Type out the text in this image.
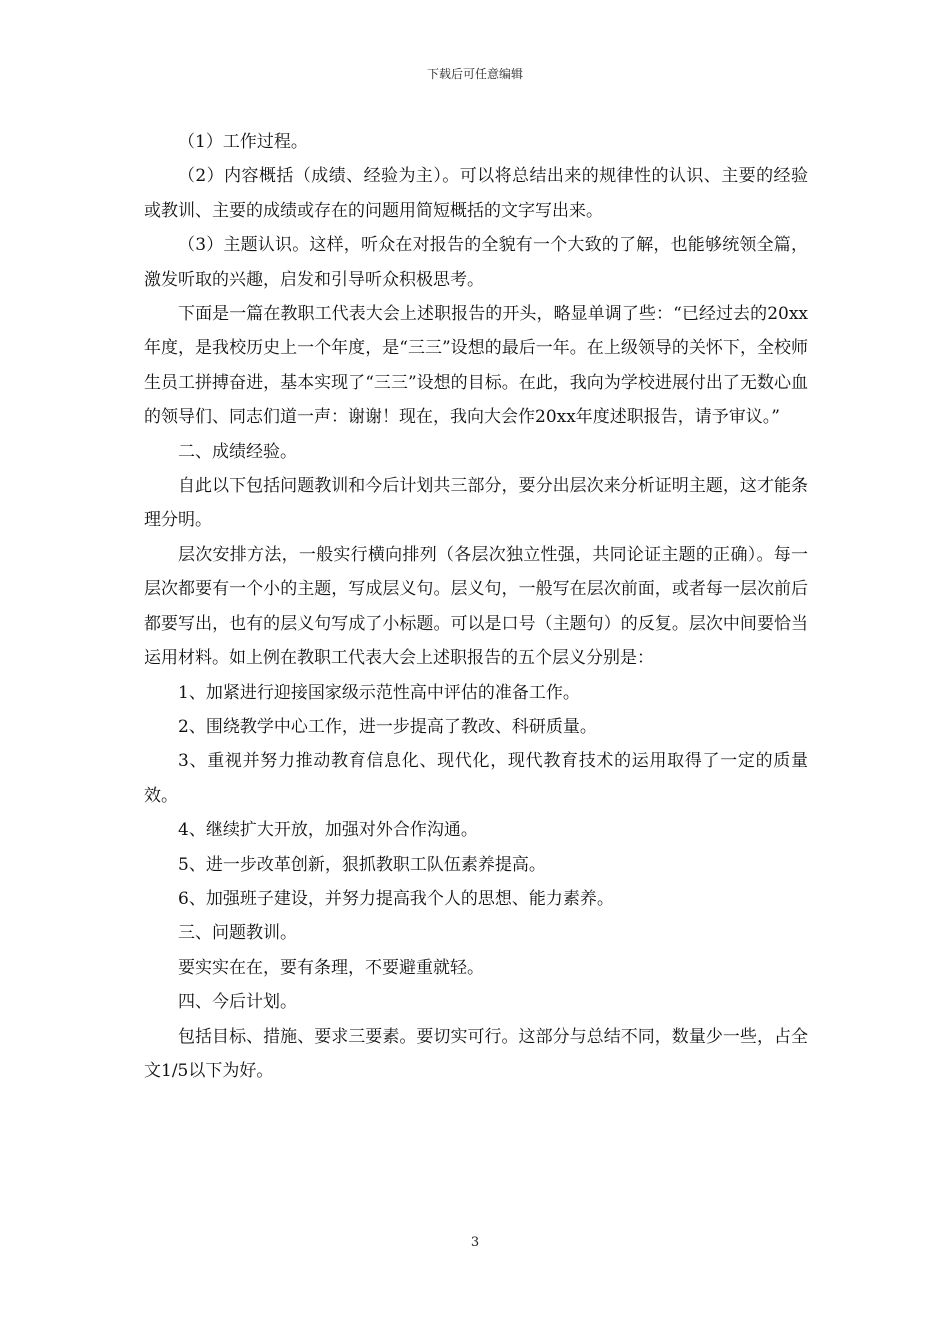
下载后可任意编辑

（1）工作过程。

（2）内容概括（成绩、经验为主）。可以将总结出来的规律性的认识、主要的经验或教训、主要的成绩或存在的问题用简短概括的文字写出来。

（3）主题认识。这样，听众在对报告的全貌有一个大致的了解，也能够统领全篇，激发听取的兴趣，启发和引导听众积极思考。

下面是一篇在教职工代表大会上述职报告的开头，略显单调了些：“已经过去的20xx年度，是我校历史上一个年度，是“三三”设想的最后一年。在上级领导的关怀下，全校师生员工拼搏奋进，基本实现了“三三”设想的目标。在此，我向为学校进展付出了无数心血的领导们、同志们道一声：谢谢！现在，我向大会作20xx年度述职报告，请予审议。”

二、成绩经验。

自此以下包括问题教训和今后计划共三部分，要分出层次来分析证明主题，这才能条理分明。

层次安排方法，一般实行横向排列（各层次独立性强，共同论证主题的正确）。每一层次都要有一个小的主题，写成层义句。层义句，一般写在层次前面，或者每一层次前后都要写出，也有的层义句写成了小标题。可以是口号（主题句）的反复。层次中间要恰当运用材料。如上例在教职工代表大会上述职报告的五个层义分别是：

1、加紧进行迎接国家级示范性高中评估的准备工作。

2、围绕教学中心工作，进一步提高了教改、科研质量。

3、重视并努力推动教育信息化、现代化，现代教育技术的运用取得了一定的质量效。

4、继续扩大开放，加强对外合作沟通。

5、进一步改革创新，狠抓教职工队伍素养提高。

6、加强班子建设，并努力提高我个人的思想、能力素养。

三、问题教训。

要实实在在，要有条理，不要避重就轻。

四、今后计划。

包括目标、措施、要求三要素。要切实可行。这部分与总结不同，数量少一些，占全文1/5以下为好。

3
